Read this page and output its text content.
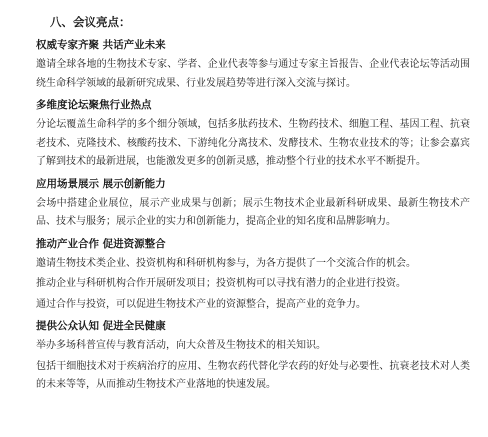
八、会议亮点：
权威专家齐聚 共话产业未来
邀请全球各地的生物技术专家、学者、企业代表等参与通过专家主旨报告、企业代表论坛等活动围绕生命科学领域的最新研究成果、行业发展趋势等进行深入交流与探讨。
多维度论坛聚焦行业热点
分论坛覆盖生命科学的多个细分领域，包括多肽药技术、生物药技术、细胞工程、基因工程、抗衰老技术、克隆技术、核酸药技术、下游纯化分离技术、发酵技术、生物农业技术的等；让参会嘉宾了解到技术的最新进展，也能激发更多的创新灵感，推动整个行业的技术水平不断提升。
应用场景展示 展示创新能力
会场中搭建企业展位，展示产业成果与创新；展示生物技术企业最新科研成果、最新生物技术产品、技术与服务；展示企业的实力和创新能力，提高企业的知名度和品牌影响力。
推动产业合作 促进资源整合
邀请生物技术类企业、投资机构和科研机构参与，为各方提供了一个交流合作的机会。
推动企业与科研机构合作开展研发项目；投资机构可以寻找有潜力的企业进行投资。
通过合作与投资，可以促进生物技术产业的资源整合，提高产业的竞争力。
提供公众认知 促进全民健康
举办多场科普宣传与教育活动，向大众普及生物技术的相关知识。
包括干细胞技术对于疾病治疗的应用、生物农药代替化学农药的好处与必要性、抗衰老技术对人类的未来等等，从而推动生物技术产业落地的快速发展。
